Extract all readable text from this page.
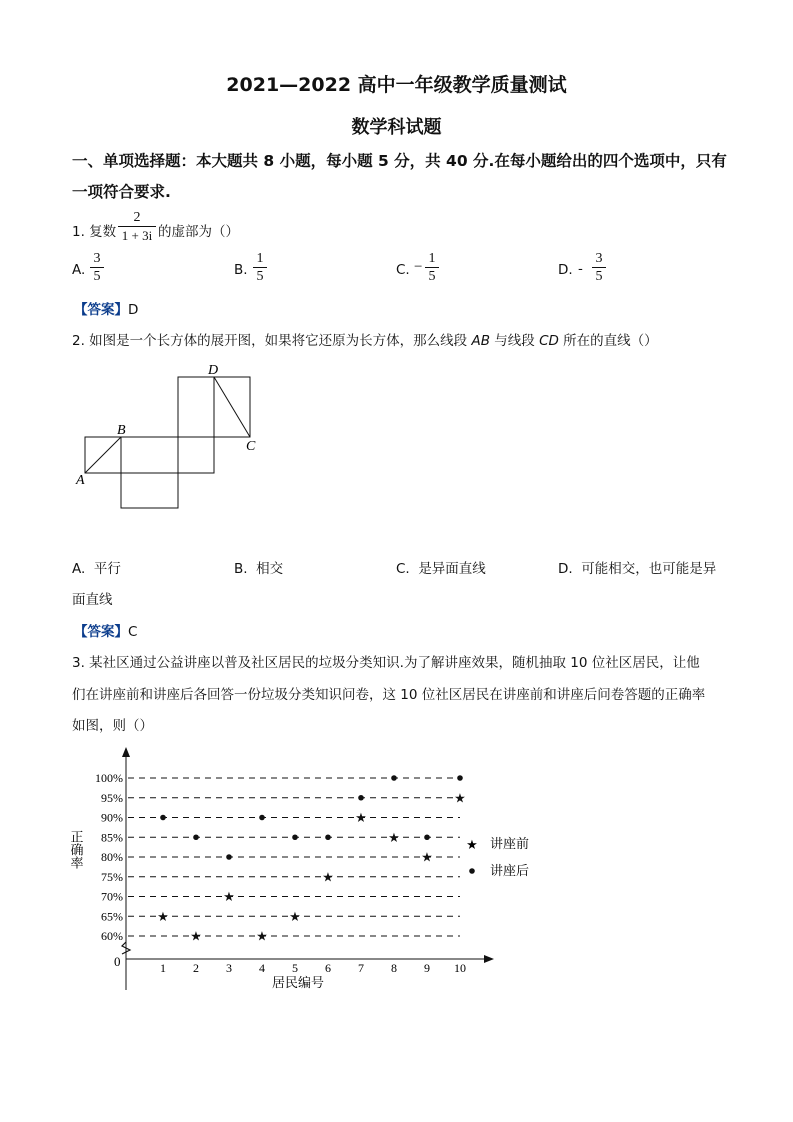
2021—2022 高中一年级教学质量测试
数学科试题
一、单项选择题：本大题共 8 小题，每小题 5 分，共 40 分.在每小题给出的四个选项中，只有
一项符合要求.
1. 复数
2
1 + 3i 的虚部为（）
A.
3
5	B.
1
5	C. −
1
5	D. -
3
5
【答案】D
2. 如图是一个长方体的展开图，如果将它还原为长方体，那么线段 AB 与线段 CD 所在的直线（）
A
B
C
D
A. 平行	B. 相交	C. 是异面直线	D. 可能相交，也可能是异
面直线
【答案】C
3. 某社区通过公益讲座以普及社区居民的垃圾分类知识.为了解讲座效果，随机抽取 10 位社区居民，让他
们在讲座前和讲座后各回答一份垃圾分类知识问卷，这 10 位社区居民在讲座前和讲座后问卷答题的正确率
如图，则（）
0
正确率
居民编号
★ 讲座前
讲座后
60%
65%
70%
75%
80%
85%
90%
95%
100%
1 2 3 4 5 6 7 8 9 10
★
★
★
★
★
★
★
★
★
★
